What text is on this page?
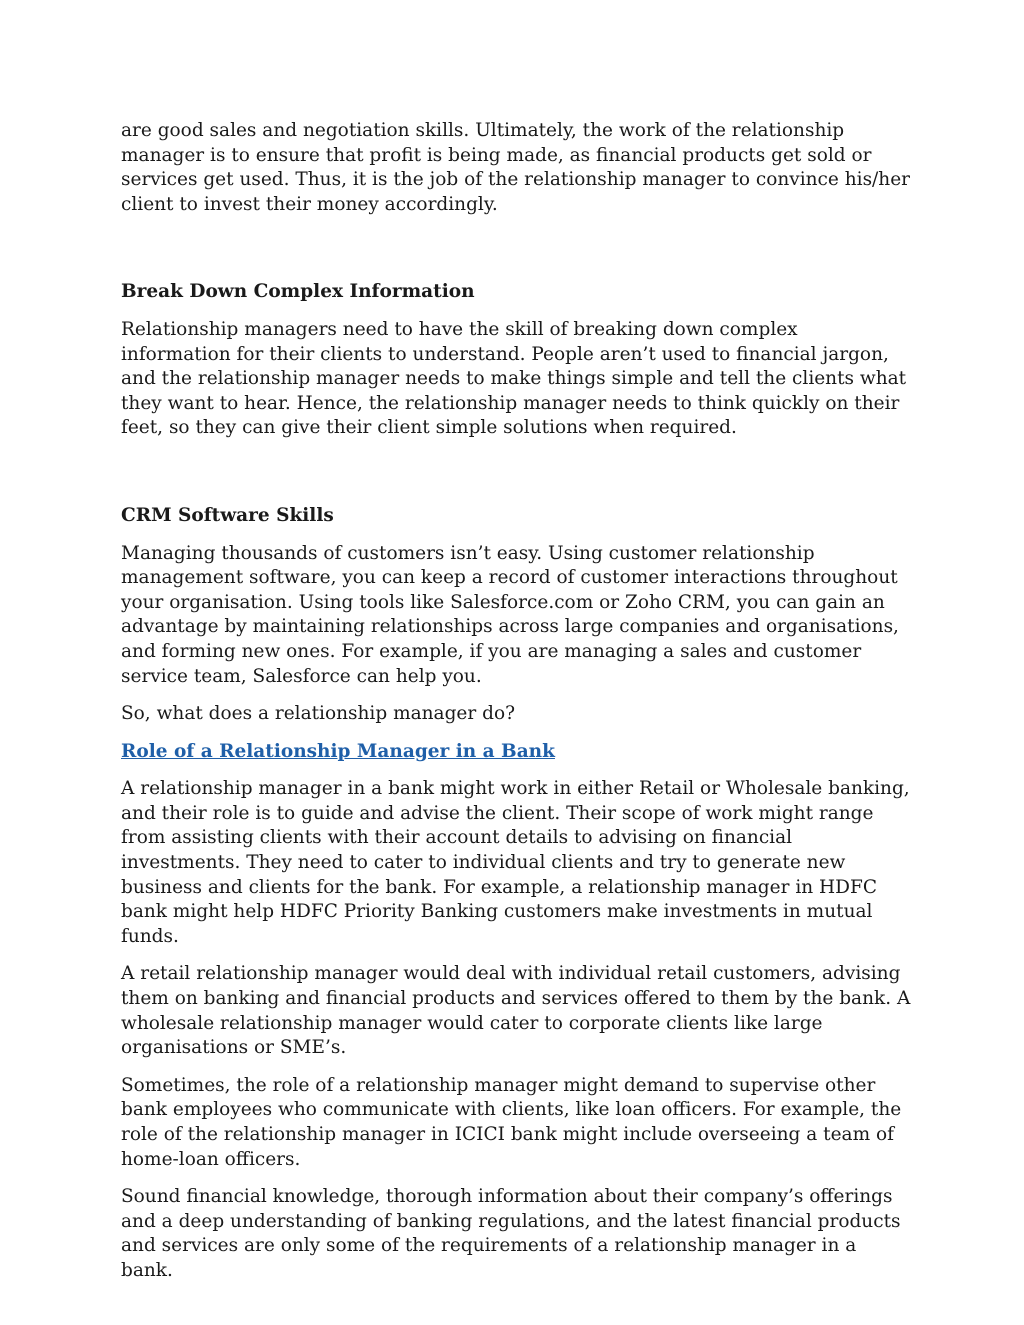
are good sales and negotiation skills. Ultimately, the work of the relationship manager is to ensure that profit is being made, as financial products get sold or services get used. Thus, it is the job of the relationship manager to convince his/her client to invest their money accordingly.

Break Down Complex Information

Relationship managers need to have the skill of breaking down complex information for their clients to understand. People aren’t used to financial jargon, and the relationship manager needs to make things simple and tell the clients what they want to hear. Hence, the relationship manager needs to think quickly on their feet, so they can give their client simple solutions when required.

CRM Software Skills

Managing thousands of customers isn’t easy. Using customer relationship management software, you can keep a record of customer interactions throughout your organisation. Using tools like Salesforce.com or Zoho CRM, you can gain an advantage by maintaining relationships across large companies and organisations, and forming new ones. For example, if you are managing a sales and customer service team, Salesforce can help you.

So, what does a relationship manager do?

Role of a Relationship Manager in a Bank

A relationship manager in a bank might work in either Retail or Wholesale banking, and their role is to guide and advise the client. Their scope of work might range from assisting clients with their account details to advising on financial investments. They need to cater to individual clients and try to generate new business and clients for the bank. For example, a relationship manager in HDFC bank might help HDFC Priority Banking customers make investments in mutual funds.

A retail relationship manager would deal with individual retail customers, advising them on banking and financial products and services offered to them by the bank. A wholesale relationship manager would cater to corporate clients like large organisations or SME’s.

Sometimes, the role of a relationship manager might demand to supervise other bank employees who communicate with clients, like loan officers. For example, the role of the relationship manager in ICICI bank might include overseeing a team of home-loan officers.

Sound financial knowledge, thorough information about their company’s offerings and a deep understanding of banking regulations, and the latest financial products and services are only some of the requirements of a relationship manager in a bank.
